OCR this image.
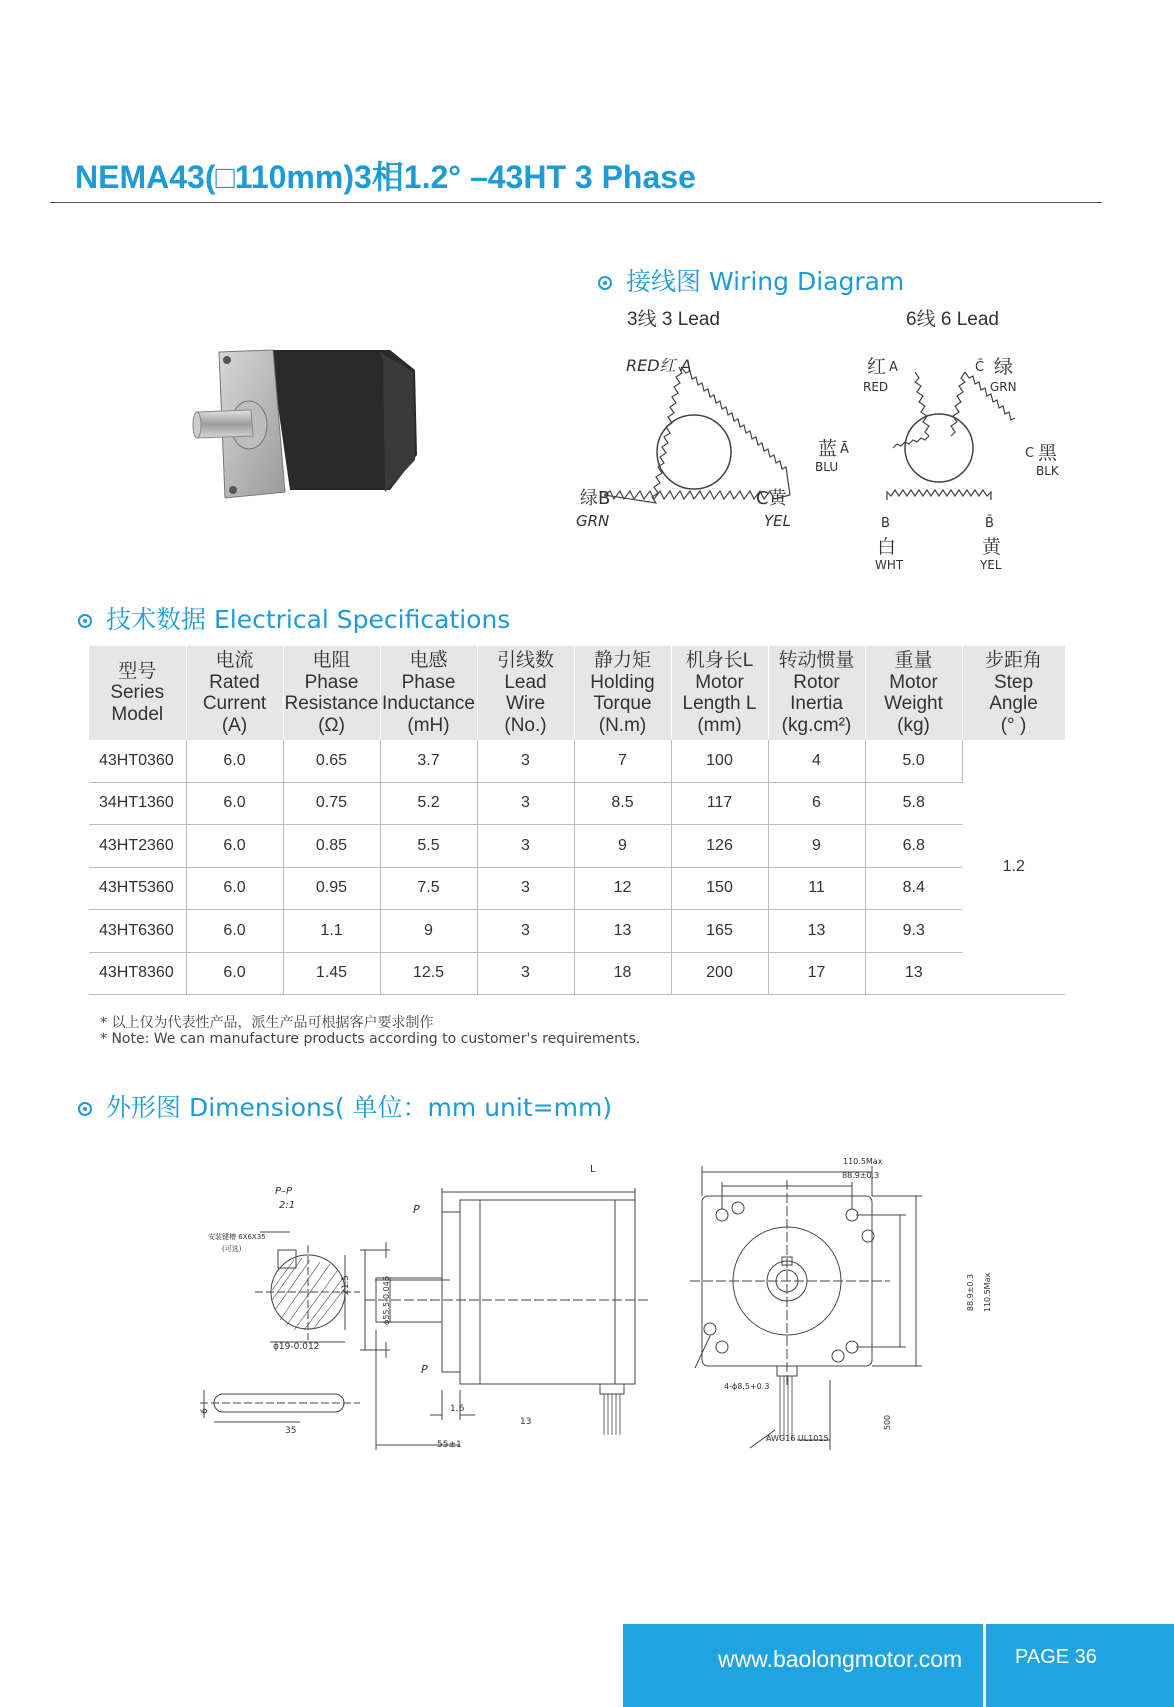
NEMA43(□110mm)3相1.2° –43HT 3 Phase
接线图 Wiring Diagram
3线 3 Lead	6线 6 Lead
RED红 A
绿B
GRN
C黄
YEL
红 A
RED
C̄ 绿
GRN
蓝 Ā
BLU
C 黑
BLK
B
白
WHT
B̄
黄
YEL
技术数据 Electrical Specifications
型号
Series
Model	电流
Rated
Current
(A)	电阻
Phase
Resistance
(Ω)	电感
Phase
Inductance
(mH)	引线数
Lead
Wire
(No.)	静力矩
Holding
Torque
(N.m)	机身长L
Motor
Length L
(mm)	转动惯量
Rotor
Inertia
(kg.cm²)	重量
Motor
Weight
(kg)	步距角
Step
Angle
(° )

43HT0360	6.0	0.65	3.7	3	7	100	4	5.0	1.2
34HT1360	6.0	0.75	5.2	3	8.5	117	6	5.8	
43HT2360	6.0	0.85	5.5	3	9	126	9	6.8	
43HT5360	6.0	0.95	7.5	3	12	150	11	8.4	
43HT6360	6.0	1.1	9	3	13	165	13	9.3	
43HT8360	6.0	1.45	12.5	3	18	200	17	13	
* 以上仅为代表性产品，派生产品可根据客户要求制作
* Note: We can manufacture products according to customer's requirements.
外形图 Dimensions( 单位：mm unit=mm)
P–P
2:1
安装键槽 6X6X35
(可选)
21.5
ϕ19-0.012
6
35
L
P
P
ϕ55.5-0.046
1.6
13
55±1
110.5Max
88.9±0.3
88.9±0.3 110.5Max
4-ϕ8.5+0.3
AWG16 UL1015
500
www.baolongmotor.com	PAGE 36
